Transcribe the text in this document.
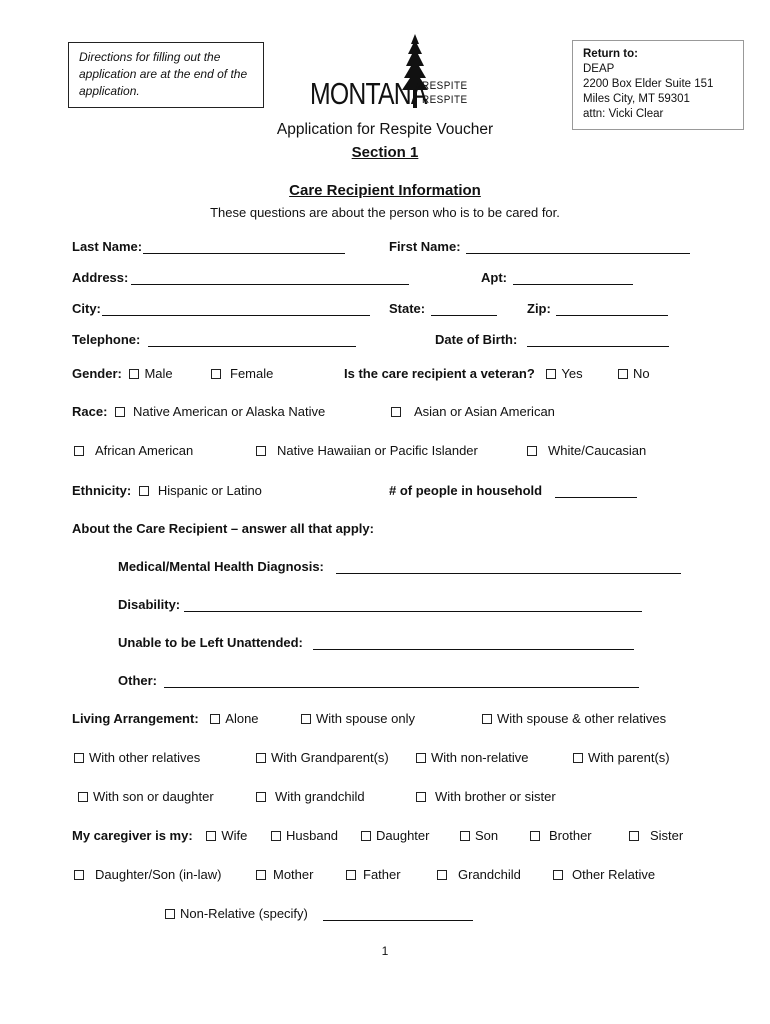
Directions for filling out the application are at the end of the application.	MONTANA
RESPITE
RESPITE
Return to:
DEAP
2200 Box Elder Suite 151
Miles City, MT 59301
attn: Vicki Clear
Application for Respite Voucher
Section 1
Care Recipient Information
These questions are about the person who is to be cared for.
Last Name:	First Name:
Address:	Apt:
City:	State:	Zip:
Telephone:	Date of Birth:
Gender: Male	Female	Is the care recipient a veteran? Yes	No
Race: Native American or Alaska Native	Asian or Asian American
African American	Native Hawaiian or Pacific Islander	White/Caucasian
Ethnicity: Hispanic or Latino	# of people in household
About the Care Recipient – answer all that apply:
Medical/Mental Health Diagnosis:
Disability:
Unable to be Left Unattended:
Other:
Living Arrangement: Alone	With spouse only	With spouse & other relatives
With other relatives	With Grandparent(s)	With non-relative	With parent(s)
With son or daughter	With grandchild	With brother or sister
My caregiver is my: Wife	Husband	Daughter	Son	Brother	Sister
Daughter/Son (in-law)	Mother	Father	Grandchild	Other Relative
Non-Relative (specify)
1
